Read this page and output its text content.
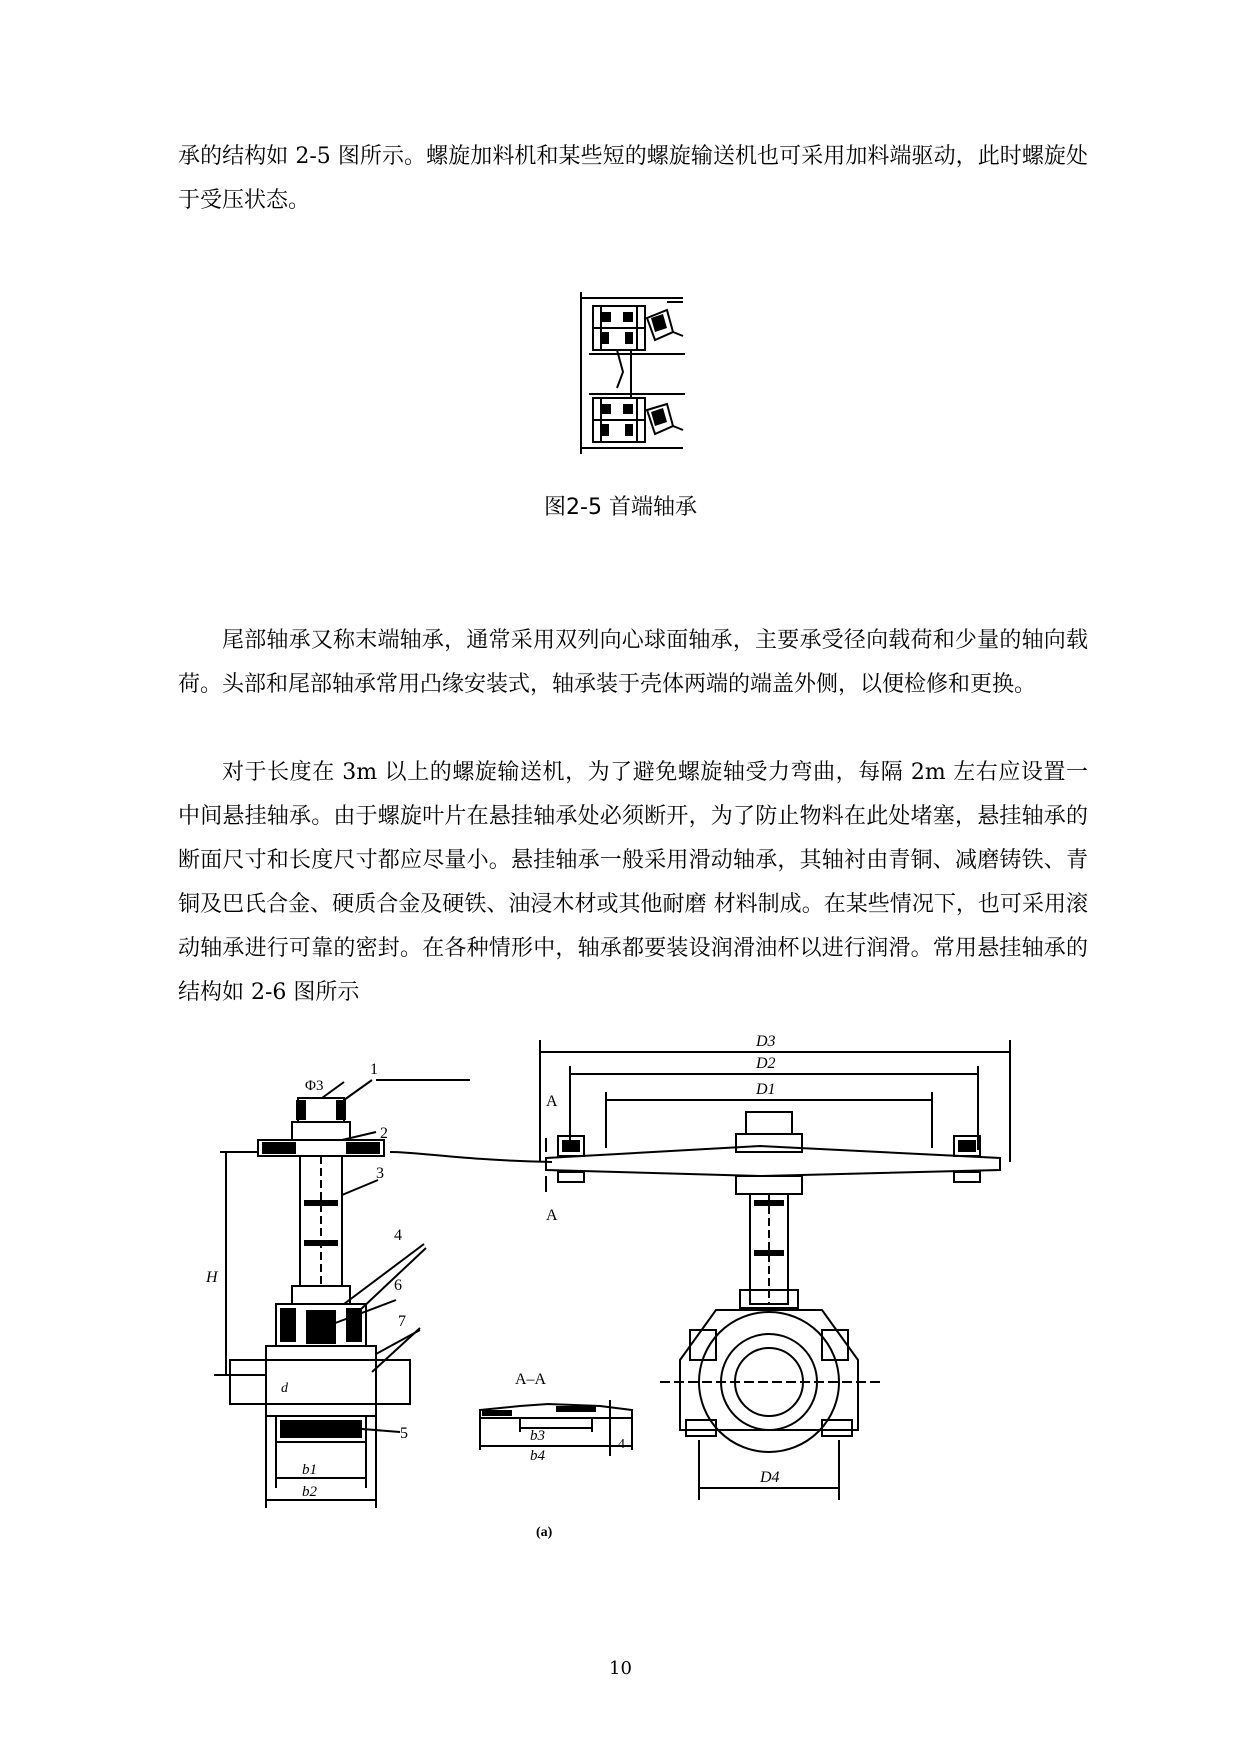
承的结构如 2-5 图所示。螺旋加料机和某些短的螺旋输送机也可采用加料端驱动，此时螺旋处于受压状态。

图2-5 首端轴承

尾部轴承又称末端轴承，通常采用双列向心球面轴承，主要承受径向载荷和少量的轴向载荷。头部和尾部轴承常用凸缘安装式，轴承装于壳体两端的端盖外侧，以便检修和更换。

对于长度在 3m 以上的螺旋输送机，为了避免螺旋轴受力弯曲，每隔 2m 左右应设置一中间悬挂轴承。由于螺旋叶片在悬挂轴承处必须断开，为了防止物料在此处堵塞，悬挂轴承的断面尺寸和长度尺寸都应尽量小。悬挂轴承一般采用滑动轴承，其轴衬由青铜、减磨铸铁、青铜及巴氏合金、硬质合金及硬铁、油浸木材或其他耐磨 材料制成。在某些情况下，也可采用滚动轴承进行可靠的密封。在各种情形中，轴承都要装设润滑油杯以进行润滑。常用悬挂轴承的结构如 2-6 图所示

Φ3
1
2
3
4
6
7
5
H
b1
b2
d
A–A
b3
b4
4
A
A
D3
D2
D1
D4
(a)
10
